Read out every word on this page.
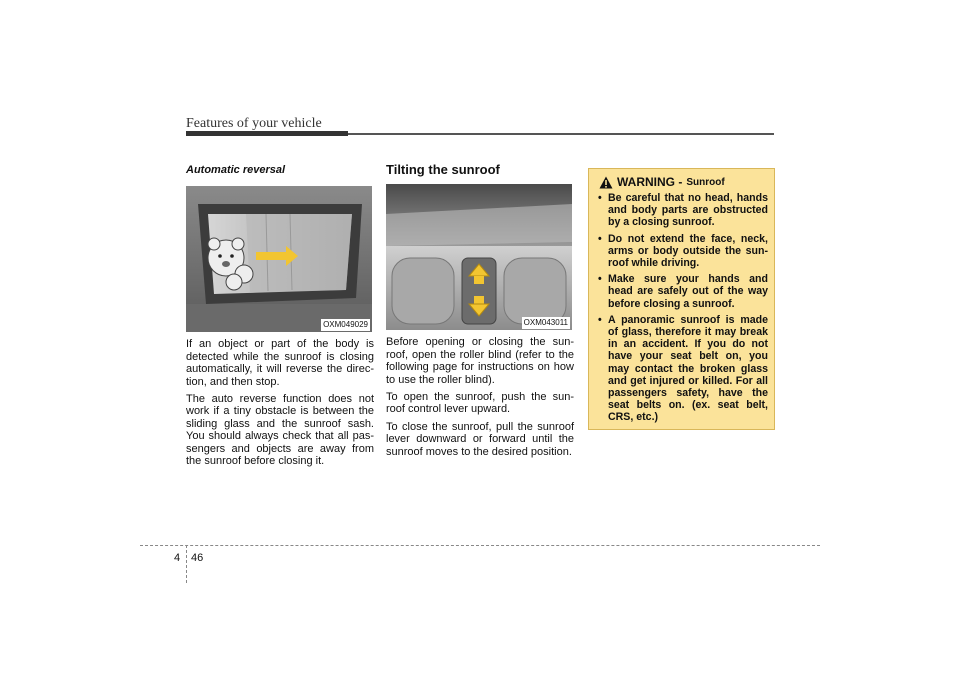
Features of your vehicle
Automatic reversal
OXM049029

If an object or part of the body is detected while the sunroof is closing automatically, it will reverse the direc-tion, and then stop.

The auto reverse function does not work if a tiny obstacle is between the sliding glass and the sunroof sash. You should always check that all pas-sengers and objects are away from the sunroof before closing it.

Tilting the sunroof
OXM043011

Before opening or closing the sun-roof, open the roller blind (refer to the following page for instructions on how to use the roller blind).

To open the sunroof, push the sun-roof control lever upward.

To close the sunroof, pull the sunroof lever downward or forward until the sunroof moves to the desired position.

WARNING - Sunroof
• Be careful that no head, hands and body parts are obstructed by a closing sunroof.
• Do not extend the face, neck, arms or body outside the sun-roof while driving.
• Make sure your hands and head are safely out of the way before closing a sunroof.
• A panoramic sunroof is made of glass, therefore it may break in an accident. If you do not have your seat belt on, you may contact the broken glass and get injured or killed. For all passengers safety, have the seat belts on. (ex. seat belt, CRS, etc.)
4 46
